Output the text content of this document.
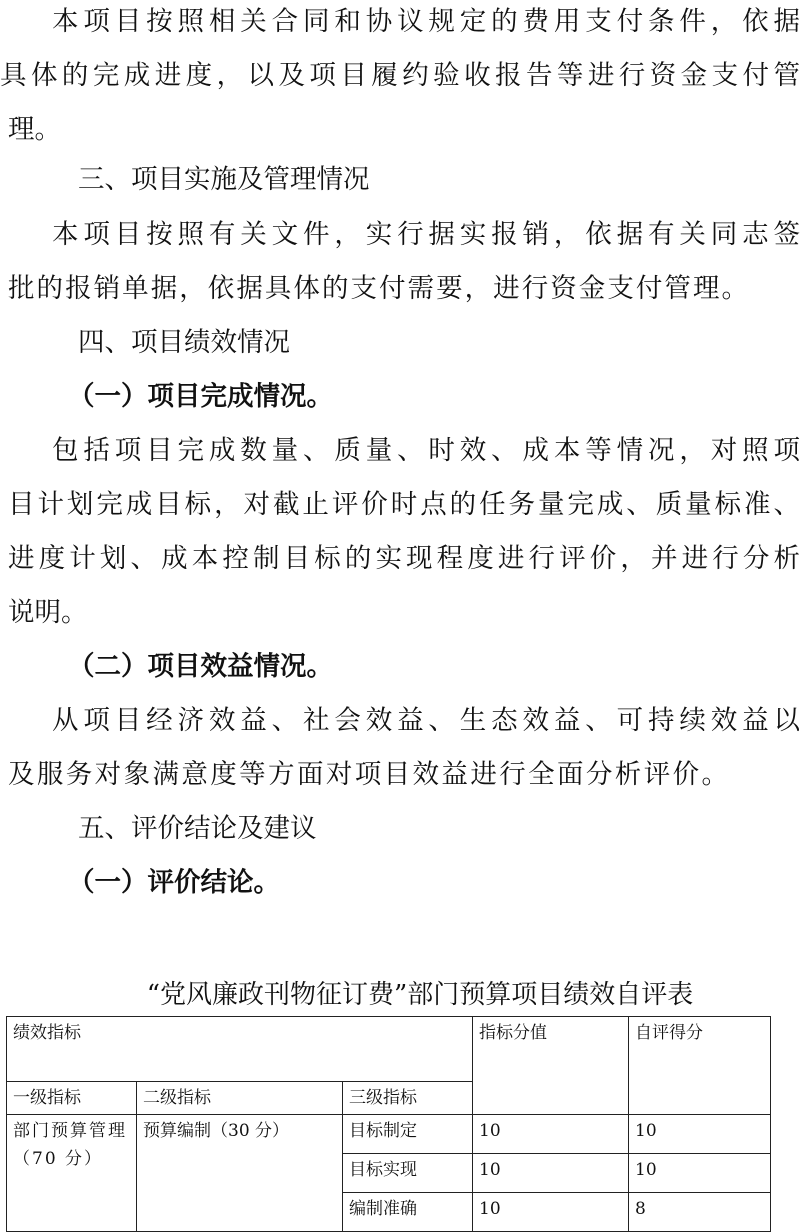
本项目按照相关合同和协议规定的费用支付条件，依据
具体的完成进度，以及项目履约验收报告等进行资金支付管
理。
三、项目实施及管理情况
本项目按照有关文件，实行据实报销，依据有关同志签
批的报销单据，依据具体的支付需要，进行资金支付管理。
四、项目绩效情况
（一）项目完成情况。
包括项目完成数量、质量、时效、成本等情况，对照项
目计划完成目标，对截止评价时点的任务量完成、质量标准、
进度计划、成本控制目标的实现程度进行评价，并进行分析
说明。
（二）项目效益情况。
从项目经济效益、社会效益、生态效益、可持续效益以
及服务对象满意度等方面对项目效益进行全面分析评价。
五、评价结论及建议
（一）评价结论。
“党风廉政刊物征订费”部门预算项目绩效自评表
绩效指标			指标分值	自评得分
一级指标	二级指标	三级指标		
部门预算管理（70 分）	预算编制（30 分）	目标制定	10	10
		目标实现	10	10
		编制准确	10	8
